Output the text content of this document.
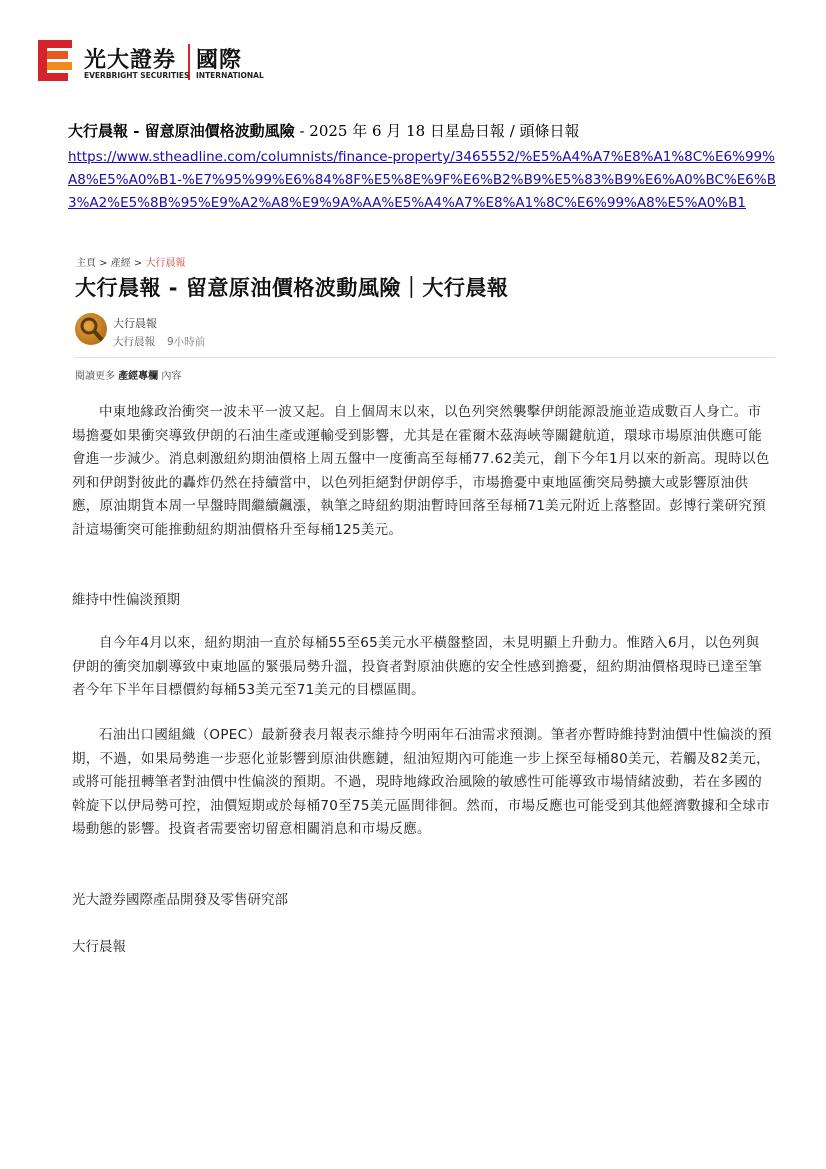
光大證券 國際
EVERBRIGHT SECURITIES INTERNATIONAL
大行晨報 - 留意原油價格波動風險 - 2025 年 6 月 18 日星島日報 / 頭條日報
https://www.stheadline.com/columnists/finance-property/3465552/%E5%A4%A7%E8%A1%8C%E6%99%A8%E5%A0%B1-%E7%95%99%E6%84%8F%E5%8E%9F%E6%B2%B9%E5%83%B9%E6%A0%BC%E6%B3%A2%E5%8B%95%E9%A2%A8%E9%9A%AA%E5%A4%A7%E8%A1%8C%E6%99%A8%E5%A0%B1
主頁 > 產經 > 大行晨報
大行晨報 - 留意原油價格波動風險｜大行晨報
大行晨報
大行晨報 9小時前
閱讀更多 產經專欄 內容

中東地緣政治衝突一波未平一波又起。自上個周末以來，以色列突然襲擊伊朗能源設施並造成數百人身亡。市場擔憂如果衝突導致伊朗的石油生產或運輸受到影響，尤其是在霍爾木茲海峽等關鍵航道，環球市場原油供應可能會進一步減少。消息刺激紐約期油價格上周五盤中一度衝高至每桶77.62美元，創下今年1月以來的新高。現時以色列和伊朗對彼此的轟炸仍然在持續當中，以色列拒絕對伊朗停手，市場擔憂中東地區衝突局勢擴大或影響原油供應，原油期貨本周一早盤時間繼續飆漲，執筆之時紐約期油暫時回落至每桶71美元附近上落整固。彭博行業研究預計這場衝突可能推動紐約期油價格升至每桶125美元。

維持中性偏淡預期

自今年4月以來，紐約期油一直於每桶55至65美元水平橫盤整固，未見明顯上升動力。惟踏入6月，以色列與伊朗的衝突加劇導致中東地區的緊張局勢升溫，投資者對原油供應的安全性感到擔憂，紐約期油價格現時已達至筆者今年下半年目標價約每桶53美元至71美元的目標區間。

石油出口國組織（OPEC）最新發表月報表示維持今明兩年石油需求預測。筆者亦暫時維持對油價中性偏淡的預期，不過，如果局勢進一步惡化並影響到原油供應鏈，紐油短期內可能進一步上探至每桶80美元，若觸及82美元，或將可能扭轉筆者對油價中性偏淡的預期。不過，現時地緣政治風險的敏感性可能導致市場情緒波動，若在多國的斡旋下以伊局勢可控，油價短期或於每桶70至75美元區間徘徊。然而，市場反應也可能受到其他經濟數據和全球市場動態的影響。投資者需要密切留意相關消息和市場反應。

光大證券國際產品開發及零售研究部
大行晨報
